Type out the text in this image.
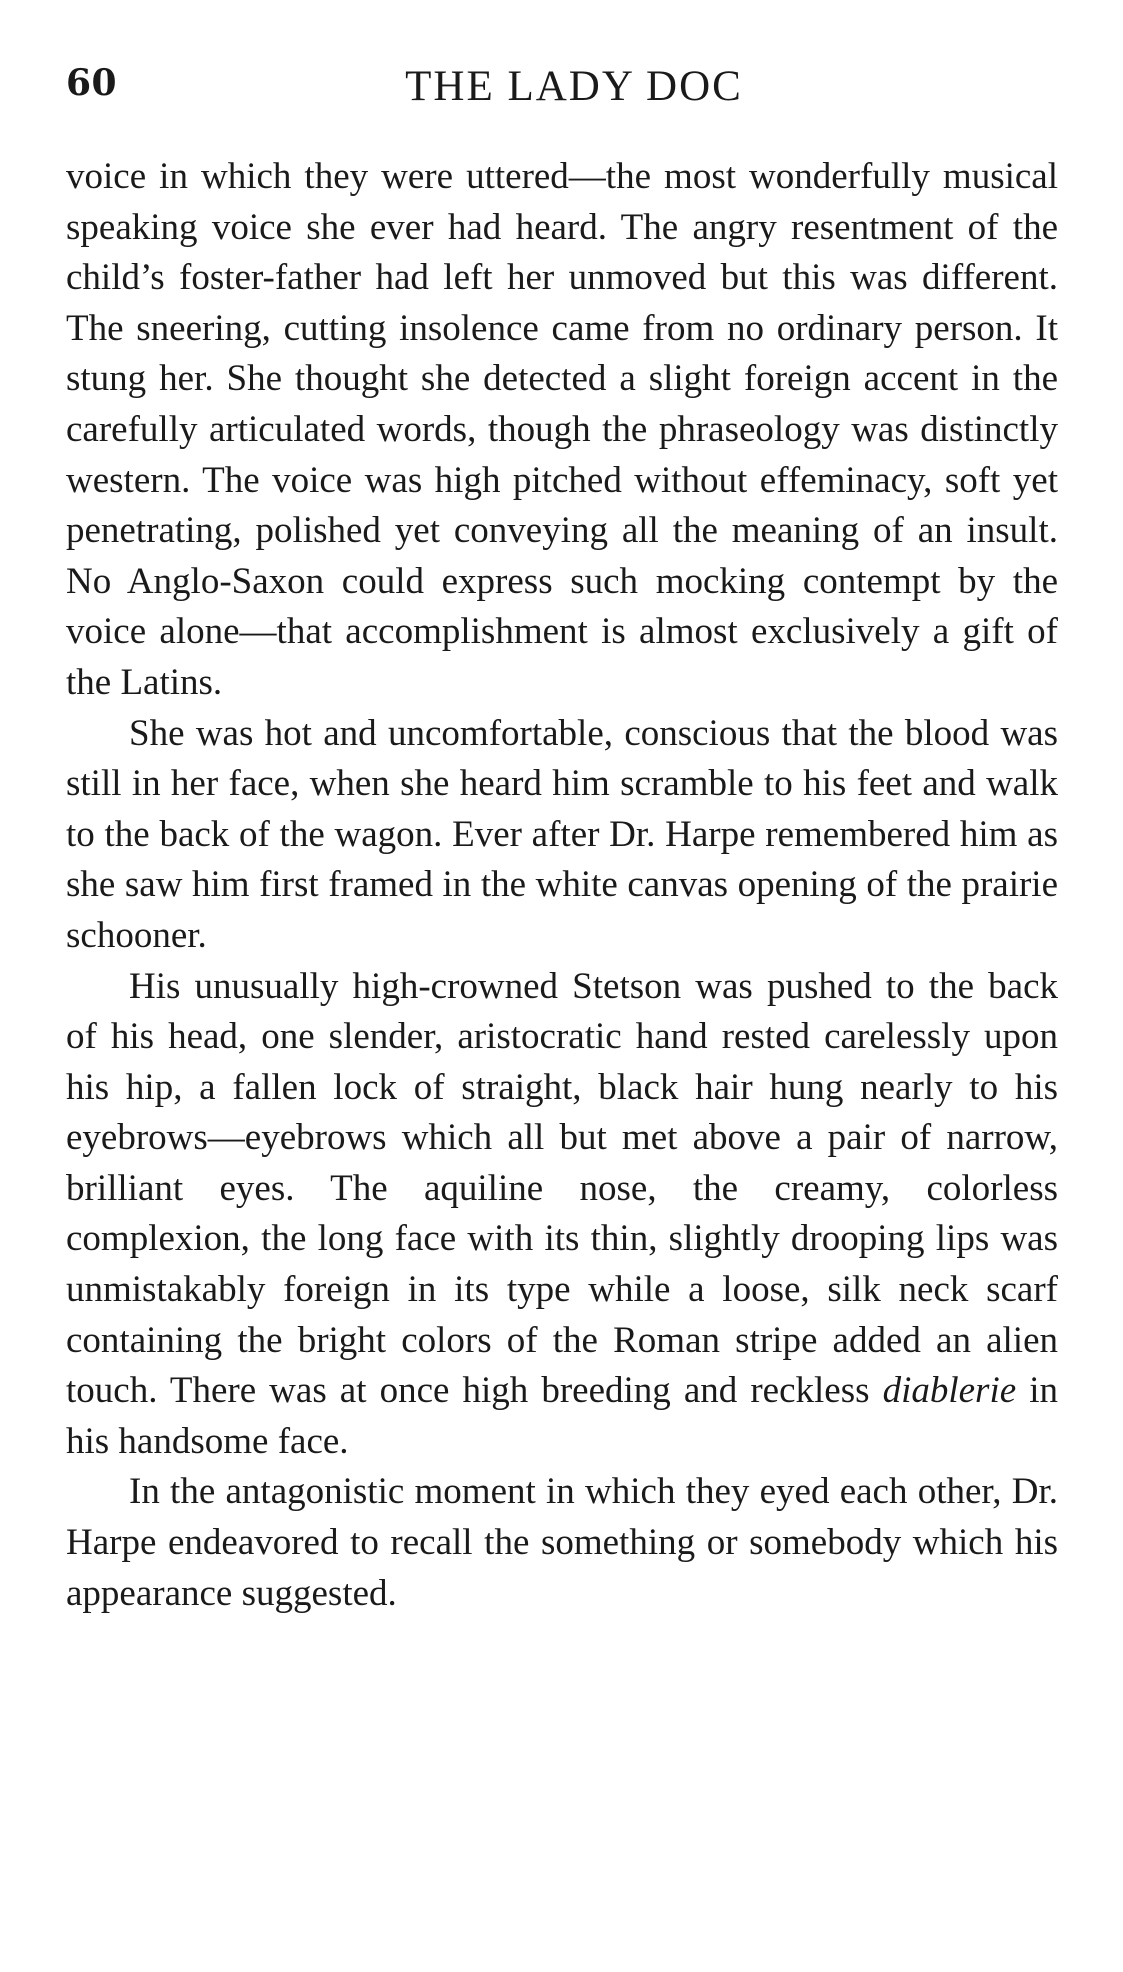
60	THE LADY DOC

voice in which they were uttered—the most wonderfully musical speaking voice she ever had heard. The angry resentment of the child’s foster-father had left her unmoved but this was different. The sneering, cutting insolence came from no ordinary person. It stung her. She thought she detected a slight foreign accent in the carefully articulated words, though the phraseology was distinctly western. The voice was high pitched without effeminacy, soft yet penetrating, polished yet conveying all the meaning of an insult. No Anglo-Saxon could express such mocking contempt by the voice alone—that accomplishment is almost exclusively a gift of the Latins.

She was hot and uncomfortable, conscious that the blood was still in her face, when she heard him scramble to his feet and walk to the back of the wagon. Ever after Dr. Harpe remembered him as she saw him first framed in the white canvas opening of the prairie schooner.

His unusually high-crowned Stetson was pushed to the back of his head, one slender, aristocratic hand rested carelessly upon his hip, a fallen lock of straight, black hair hung nearly to his eyebrows—eyebrows which all but met above a pair of narrow, brilliant eyes. The aquiline nose, the creamy, colorless complexion, the long face with its thin, slightly drooping lips was unmistakably foreign in its type while a loose, silk neck scarf containing the bright colors of the Roman stripe added an alien touch. There was at once high breeding and reckless diablerie in his handsome face.

In the antagonistic moment in which they eyed each other, Dr. Harpe endeavored to recall the something or somebody which his appearance suggested.
